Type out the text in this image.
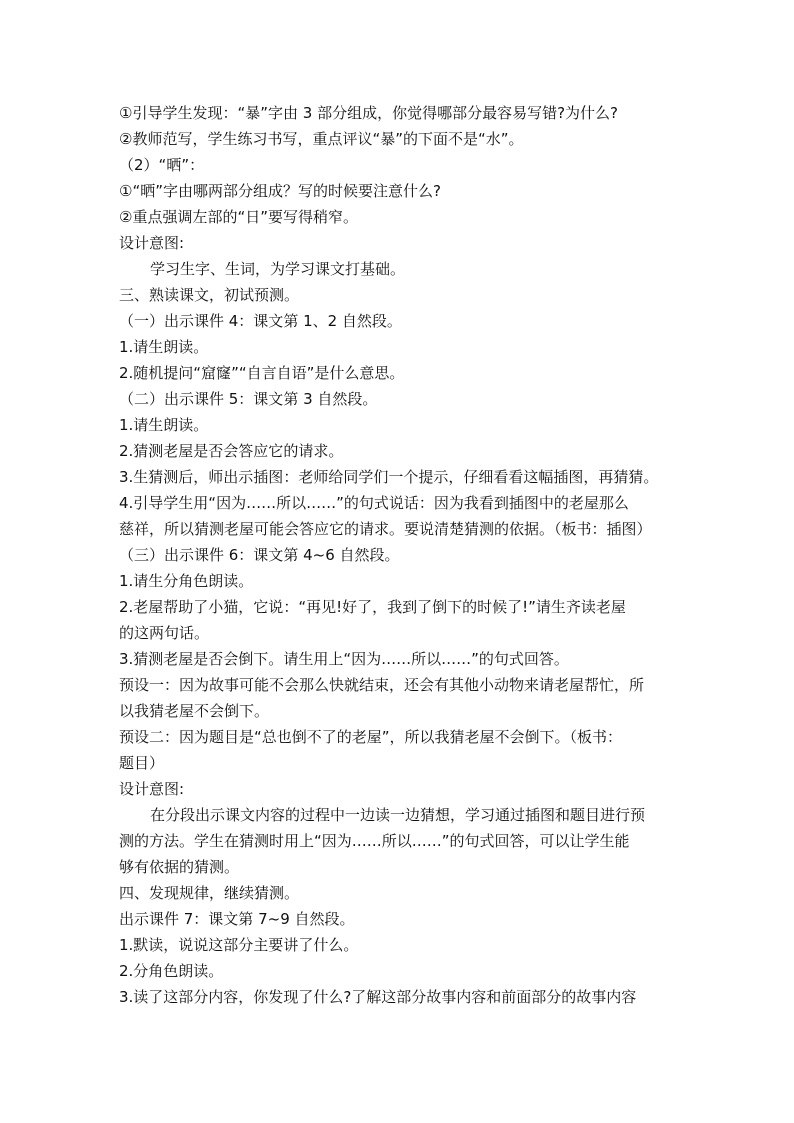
①引导学生发现：“暴”字由 3 部分组成，你觉得哪部分最容易写错?为什么?
②教师范写，学生练习书写，重点评议“暴”的下面不是“水”。
（2）“晒”：
①“晒”字由哪两部分组成？写的时候要注意什么?
②重点强调左部的“日”要写得稍窄。
设计意图:
学习生字、生词，为学习课文打基础。
三、熟读课文，初试预测。
（一）出示课件 4：课文第 1、2 自然段。
1.请生朗读。
2.随机提问“窟窿”“自言自语”是什么意思。
（二）出示课件 5：课文第 3 自然段。
1.请生朗读。
2.猜测老屋是否会答应它的请求。
3.生猜测后，师出示插图：老师给同学们一个提示，仔细看看这幅插图，再猜猜。
4.引导学生用“因为……所以……”的句式说话：因为我看到插图中的老屋那么
慈祥，所以猜测老屋可能会答应它的请求。要说清楚猜测的依据。（板书：插图）
（三）出示课件 6：课文第 4~6 自然段。
1.请生分角色朗读。
2.老屋帮助了小猫，它说：“再见!好了，我到了倒下的时候了!”请生齐读老屋
的这两句话。
3.猜测老屋是否会倒下。请生用上“因为……所以……”的句式回答。
预设一：因为故事可能不会那么快就结束，还会有其他小动物来请老屋帮忙，所
以我猜老屋不会倒下。
预设二：因为题目是“总也倒不了的老屋”，所以我猜老屋不会倒下。（板书：
题目）
设计意图:
在分段出示课文内容的过程中一边读一边猜想，学习通过插图和题目进行预
测的方法。学生在猜测时用上“因为……所以……”的句式回答，可以让学生能
够有依据的猜测。
四、发现规律，继续猜测。
出示课件 7：课文第 7~9 自然段。
1.默读，说说这部分主要讲了什么。
2.分角色朗读。
3.读了这部分内容，你发现了什么?了解这部分故事内容和前面部分的故事内容
